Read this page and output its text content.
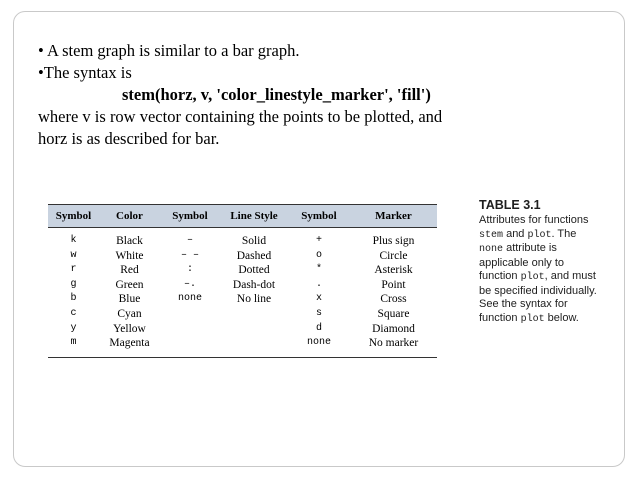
• A stem graph is similar to a bar graph.
•The syntax is
stem(horz, v, 'color_linestyle_marker', 'fill')
where v is row vector containing the points to be plotted, and
horz is as described for bar.
Symbol	Color	Symbol	Line Style	Symbol	Marker
k	Black	–	Solid	+	Plus sign
w	White	– –	Dashed	o	Circle
r	Red	:	Dotted	*	Asterisk
g	Green	–.	Dash-dot	.	Point
b	Blue	none	No line	x	Cross
c	Cyan			s	Square
y	Yellow			d	Diamond
m	Magenta			none	No marker
TABLE 3.1
Attributes for functions stem and plot. The none attribute is applicable only to function plot, and must be specified individually. See the syntax for function plot below.
